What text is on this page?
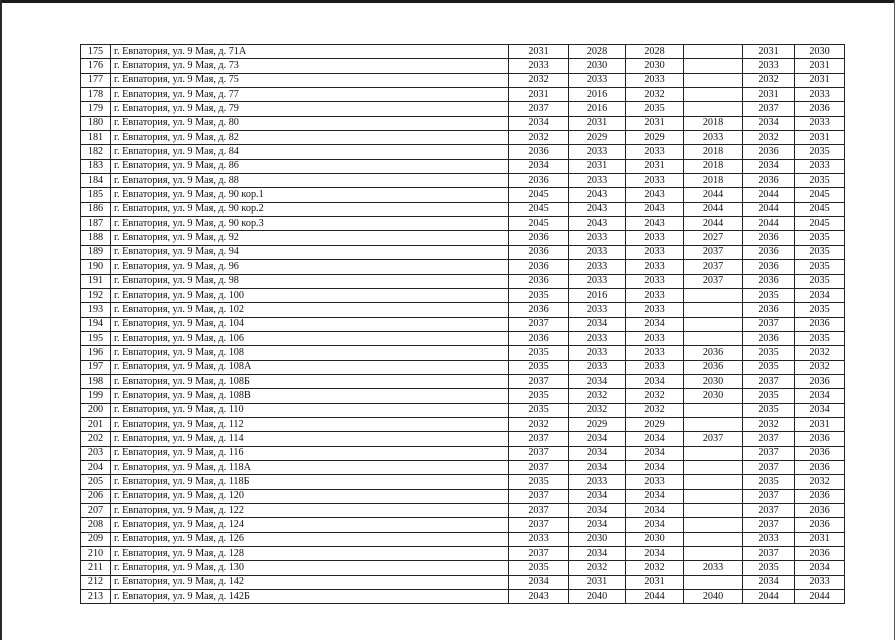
175	г. Евпатория, ул. 9 Мая, д. 71А	2031	2028	2028		2031	2030
176	г. Евпатория, ул. 9 Мая, д. 73	2033	2030	2030		2033	2031
177	г. Евпатория, ул. 9 Мая, д. 75	2032	2033	2033		2032	2031
178	г. Евпатория, ул. 9 Мая, д. 77	2031	2016	2032		2031	2033
179	г. Евпатория, ул. 9 Мая, д. 79	2037	2016	2035		2037	2036
180	г. Евпатория, ул. 9 Мая, д. 80	2034	2031	2031	2018	2034	2033
181	г. Евпатория, ул. 9 Мая, д. 82	2032	2029	2029	2033	2032	2031
182	г. Евпатория, ул. 9 Мая, д. 84	2036	2033	2033	2018	2036	2035
183	г. Евпатория, ул. 9 Мая, д. 86	2034	2031	2031	2018	2034	2033
184	г. Евпатория, ул. 9 Мая, д. 88	2036	2033	2033	2018	2036	2035
185	г. Евпатория, ул. 9 Мая, д. 90 кор.1	2045	2043	2043	2044	2044	2045
186	г. Евпатория, ул. 9 Мая, д. 90 кор.2	2045	2043	2043	2044	2044	2045
187	г. Евпатория, ул. 9 Мая, д. 90 кор.3	2045	2043	2043	2044	2044	2045
188	г. Евпатория, ул. 9 Мая, д. 92	2036	2033	2033	2027	2036	2035
189	г. Евпатория, ул. 9 Мая, д. 94	2036	2033	2033	2037	2036	2035
190	г. Евпатория, ул. 9 Мая, д. 96	2036	2033	2033	2037	2036	2035
191	г. Евпатория, ул. 9 Мая, д. 98	2036	2033	2033	2037	2036	2035
192	г. Евпатория, ул. 9 Мая, д. 100	2035	2016	2033		2035	2034
193	г. Евпатория, ул. 9 Мая, д. 102	2036	2033	2033		2036	2035
194	г. Евпатория, ул. 9 Мая, д. 104	2037	2034	2034		2037	2036
195	г. Евпатория, ул. 9 Мая, д. 106	2036	2033	2033		2036	2035
196	г. Евпатория, ул. 9 Мая, д. 108	2035	2033	2033	2036	2035	2032
197	г. Евпатория, ул. 9 Мая, д. 108А	2035	2033	2033	2036	2035	2032
198	г. Евпатория, ул. 9 Мая, д. 108Б	2037	2034	2034	2030	2037	2036
199	г. Евпатория, ул. 9 Мая, д. 108В	2035	2032	2032	2030	2035	2034
200	г. Евпатория, ул. 9 Мая, д. 110	2035	2032	2032		2035	2034
201	г. Евпатория, ул. 9 Мая, д. 112	2032	2029	2029		2032	2031
202	г. Евпатория, ул. 9 Мая, д. 114	2037	2034	2034	2037	2037	2036
203	г. Евпатория, ул. 9 Мая, д. 116	2037	2034	2034		2037	2036
204	г. Евпатория, ул. 9 Мая, д. 118А	2037	2034	2034		2037	2036
205	г. Евпатория, ул. 9 Мая, д. 118Б	2035	2033	2033		2035	2032
206	г. Евпатория, ул. 9 Мая, д. 120	2037	2034	2034		2037	2036
207	г. Евпатория, ул. 9 Мая, д. 122	2037	2034	2034		2037	2036
208	г. Евпатория, ул. 9 Мая, д. 124	2037	2034	2034		2037	2036
209	г. Евпатория, ул. 9 Мая, д. 126	2033	2030	2030		2033	2031
210	г. Евпатория, ул. 9 Мая, д. 128	2037	2034	2034		2037	2036
211	г. Евпатория, ул. 9 Мая, д. 130	2035	2032	2032	2033	2035	2034
212	г. Евпатория, ул. 9 Мая, д. 142	2034	2031	2031		2034	2033
213	г. Евпатория, ул. 9 Мая, д. 142Б	2043	2040	2044	2040	2044	2044
